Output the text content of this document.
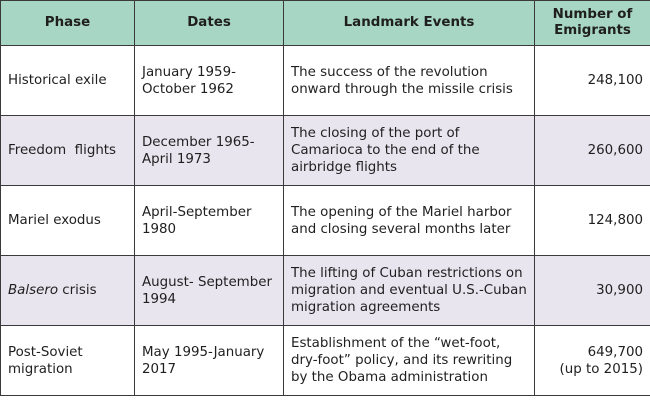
Phase	Dates	Landmark Events	Number of Emigrants
Historical exile	January 1959-October 1962	The success of the revolution onward through the missile crisis	248,100

Freedom  flights	December 1965-April 1973	The closing of the port of Camarioca to the end of the airbridge flights	260,600

Mariel exodus	April-September 1980	The opening of the Mariel harbor and closing several months later	124,800

Balsero crisis	August- September 1994	The lifting of Cuban restrictions on migration and eventual U.S.-Cuban migration agreements	30,900

Post-Soviet migration	May 1995-January 2017	Establishment of the “wet-foot, dry-foot” policy, and its rewriting by the Obama administration	649,700
(up to 2015)
